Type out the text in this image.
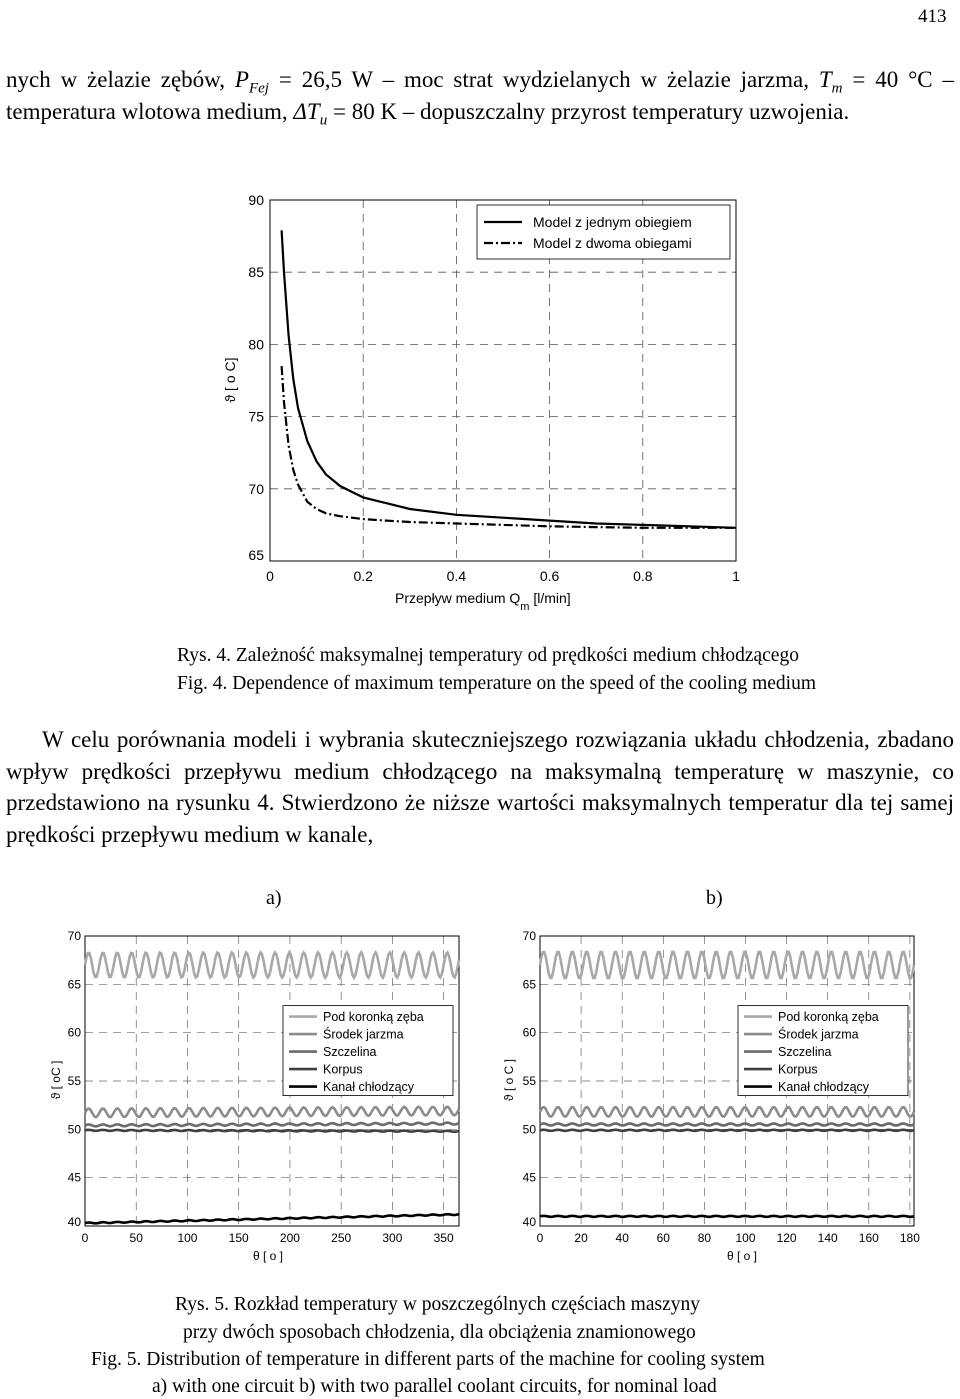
413

nych w żelazie zębów, $P_{Fej} = 26,5$ W – moc strat wydzielanych w żelazie jarzma, $T_m = 40$ °C – temperatura wlotowa medium, $\Delta T_u = 80$ K – dopuszczalny przyrost temperatury uzwojenia.

0	0.2	0.4	0.6	0.8	1
65
70
75
80
85
90
Przepływ medium $Q_m$ [l/min]
ϑ [ o C]
Model z jednym obiegiem
Model z dwoma obiegami
Rys. 4. Zależność maksymalnej temperatury od prędkości medium chłodzącego
Fig. 4. Dependence of maximum temperature on the speed of the cooling medium

W celu porównania modeli i wybrania skuteczniejszego rozwiązania układu chłodzenia, zbadano wpływ prędkości przepływu medium chłodzącego na maksymalną temperaturę w maszynie, co przedstawiono na rysunku 4. Stwierdzono że niższe wartości maksymalnych temperatur dla tej samej prędkości przepływu medium w kanale,

a)	b)
0	50	100	150	200	250	300	350
40
45
50
55
60
65
70
Pod koronką zęba
Środek jarzma
Szczelina
Korpus
Kanał chłodzący
θ [ o ]
0	20 40 60 80 100 120 140 160 180
40
45
50
55
60
65
70
Pod koronką zęba
Środek jarzma
Szczelina
Korpus
Kanał chłodzący
θ [ o ]
ϑ [ oC ]	ϑ [ o C ]
Rys. 5. Rozkład temperatury w poszczególnych częściach maszyny
przy dwóch sposobach chłodzenia, dla obciążenia znamionowego
Fig. 5. Distribution of temperature in different parts of the machine for cooling system
a) with one circuit b) with two parallel coolant circuits, for nominal load
